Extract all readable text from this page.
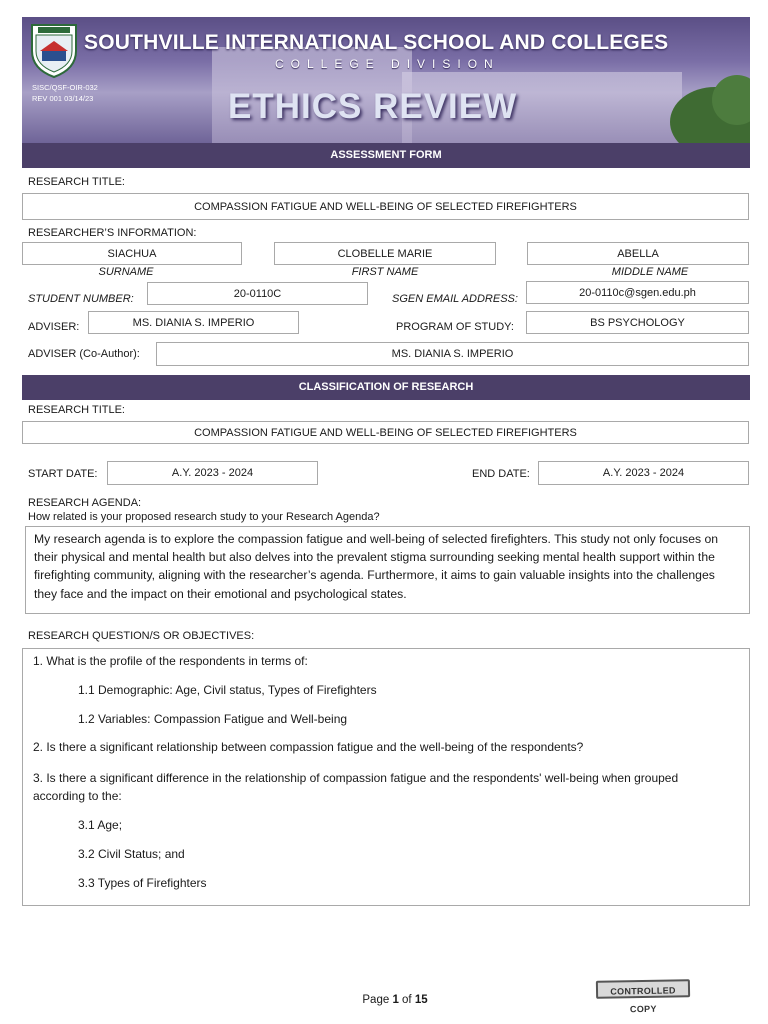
SOUTHVILLE INTERNATIONAL SCHOOL AND COLLEGES
COLLEGE DIVISION
SISC/QSF-OIR-032
REV 001 03/14/23	ETHICS REVIEW
ASSESSMENT FORM
RESEARCH TITLE:
COMPASSION FATIGUE AND WELL-BEING OF SELECTED FIREFIGHTERS
RESEARCHER’S INFORMATION:
SIACHUA	CLOBELLE MARIE	ABELLA
SURNAME	FIRST NAME	MIDDLE NAME
STUDENT NUMBER:	20-0110C	SGEN EMAIL ADDRESS:
20-0110c@sgen.edu.ph
ADVISER:	MS. DIANIA S. IMPERIO	PROGRAM OF STUDY:	BS PSYCHOLOGY
ADVISER (Co-Author):	MS. DIANIA S. IMPERIO
CLASSIFICATION OF RESEARCH
RESEARCH TITLE:
COMPASSION FATIGUE AND WELL-BEING OF SELECTED FIREFIGHTERS
START DATE:	A.Y. 2023 - 2024	END DATE:	A.Y. 2023 - 2024
RESEARCH AGENDA:
How related is your proposed research study to your Research Agenda?
My research agenda is to explore the compassion fatigue and well-being of selected firefighters. This study not only focuses on their physical and mental health but also delves into the prevalent stigma surrounding seeking mental health support within the firefighting community, aligning with the researcher’s agenda. Furthermore, it aims to gain valuable insights into the challenges they face and the impact on their emotional and psychological states.
RESEARCH QUESTION/S OR OBJECTIVES:
1. What is the profile of the respondents in terms of:
1.1 Demographic: Age, Civil status, Types of Firefighters
1.2 Variables: Compassion Fatigue and Well-being
2. Is there a significant relationship between compassion fatigue and the well-being of the respondents?
3. Is there a significant difference in the relationship of compassion fatigue and the respondents' well-being when grouped according to the:
3.1 Age;
3.2 Civil Status; and
3.3 Types of Firefighters
Page 1 of 15
CONTROLLED COPY
